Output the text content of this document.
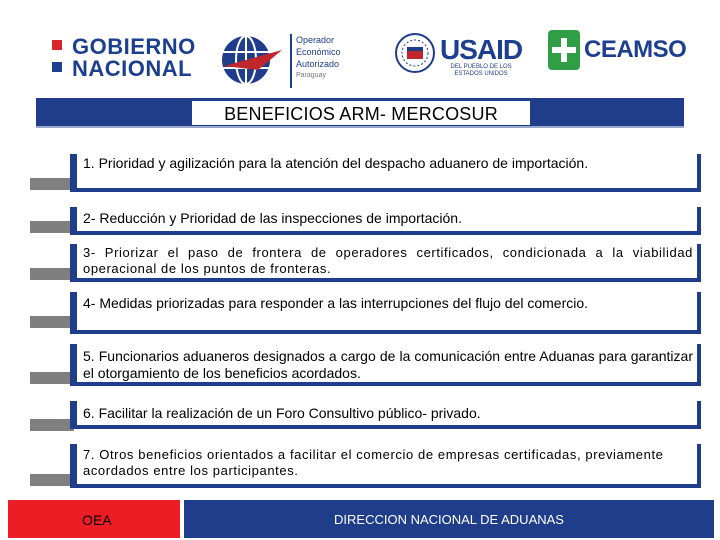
GOBIERNO
NACIONAL
Operador
Económico
Autorizado
Paraguay
USAID
DEL PUEBLO DE LOS
ESTADOS UNIDOS
CEAMSO
BENEFICIOS ARM- MERCOSUR
1. Prioridad y agilización para la atención del despacho aduanero de importación.
2- Reducción y Prioridad de las inspecciones de importación.
3- Priorizar el paso de frontera de operadores certificados, condicionada a la viabilidad operacional de los puntos de fronteras.
4- Medidas priorizadas para responder a las interrupciones del flujo del comercio.
5. Funcionarios aduaneros designados a cargo de la comunicación entre Aduanas para garantizar el otorgamiento de los beneficios acordados.
6. Facilitar la realización de un Foro Consultivo público- privado.
7. Otros beneficios orientados a facilitar el comercio de empresas certificadas, previamente acordados entre los participantes.
OEA	DIRECCION NACIONAL DE ADUANAS
